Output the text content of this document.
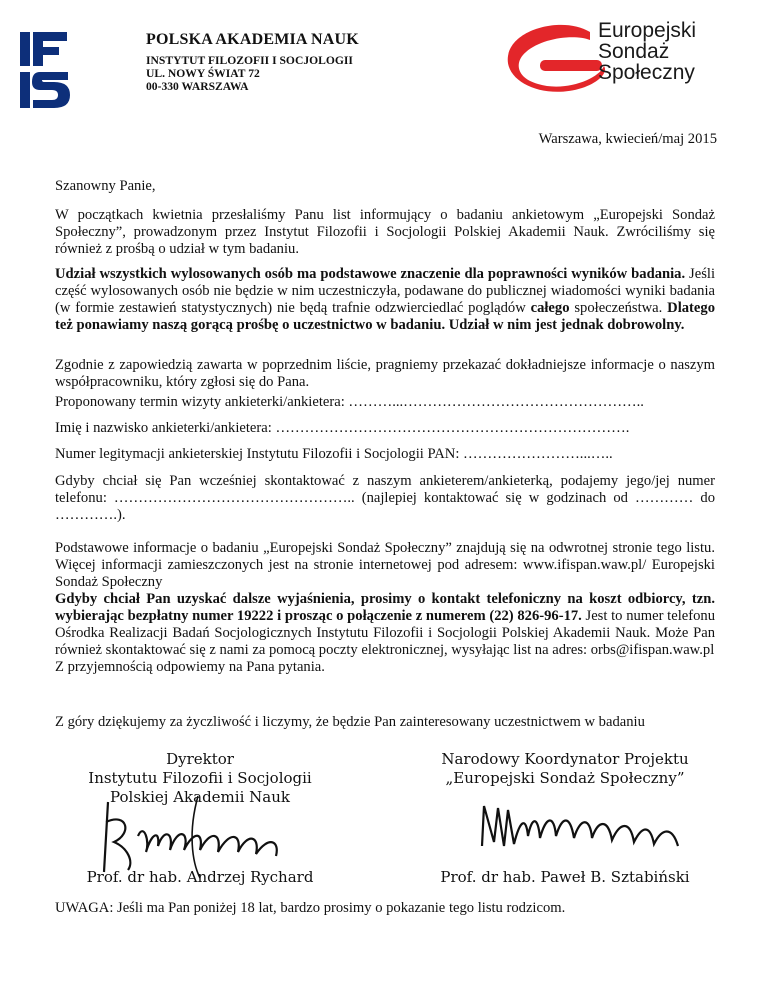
POLSKA AKADEMIA NAUK
INSTYTUT FILOZOFII I SOCJOLOGII
UL. NOWY ŚWIAT 72
00-330 WARSZAWA
Europejski
Sondaż
Społeczny
Warszawa, kwiecień/maj 2015
Szanowny Panie,
W początkach kwietnia przesłaliśmy Panu list informujący o badaniu ankietowym „Europejski Sondaż Społeczny”, prowadzonym przez Instytut Filozofii i Socjologii Polskiej Akademii Nauk. Zwróciliśmy się również z prośbą o udział w tym badaniu.
Udział wszystkich wylosowanych osób ma podstawowe znaczenie dla poprawności wyników badania. Jeśli część wylosowanych osób nie będzie w nim uczestniczyła, podawane do publicznej wiadomości wyniki badania (w formie zestawień statystycznych) nie będą trafnie odzwierciedlać poglądów całego społeczeństwa. Dlatego też ponawiamy naszą gorącą prośbę o uczestnictwo w badaniu. Udział w nim jest jednak dobrowolny.
Zgodnie z zapowiedzią zawarta w poprzednim liście, pragniemy przekazać dokładniejsze informacje o naszym współpracowniku, który zgłosi się do Pana.
Proponowany termin wizyty ankieterki/ankietera: ………...…………………………………………..
Imię i nazwisko ankieterki/ankietera: ……………………………………………………………….
Numer legitymacji ankieterskiej Instytutu Filozofii i Socjologii PAN: ……………………...…..
Gdyby chciał się Pan wcześniej skontaktować z naszym ankieterem/ankieterką, podajemy jego/jej numer telefonu: ………………………………………….. (najlepiej kontaktować się w godzinach od ………… do ………….).
Podstawowe informacje o badaniu „Europejski Sondaż Społeczny” znajdują się na odwrotnej stronie tego listu. Więcej informacji zamieszczonych jest na stronie internetowej pod adresem: www.ifispan.waw.pl/ Europejski Sondaż Społeczny
Gdyby chciał Pan uzyskać dalsze wyjaśnienia, prosimy o kontakt telefoniczny na koszt odbiorcy, tzn. wybierając bezpłatny numer 19222 i prosząc o połączenie z numerem (22) 826-96-17. Jest to numer telefonu Ośrodka Realizacji Badań Socjologicznych Instytutu Filozofii i Socjologii Polskiej Akademii Nauk. Może Pan również skontaktować się z nami za pomocą poczty elektronicznej, wysyłając list na adres: orbs@ifispan.waw.pl
Z przyjemnością odpowiemy na Pana pytania.
Z góry dziękujemy za życzliwość i liczymy, że będzie Pan zainteresowany uczestnictwem w badaniu
Dyrektor
Instytutu Filozofii i Socjologii
Polskiej Akademii Nauk
Prof. dr hab. Andrzej Rychard
Narodowy Koordynator Projektu
„Europejski Sondaż Społeczny”
Prof. dr hab. Paweł B. Sztabiński
UWAGA: Jeśli ma Pan poniżej 18 lat, bardzo prosimy o pokazanie tego listu rodzicom.
